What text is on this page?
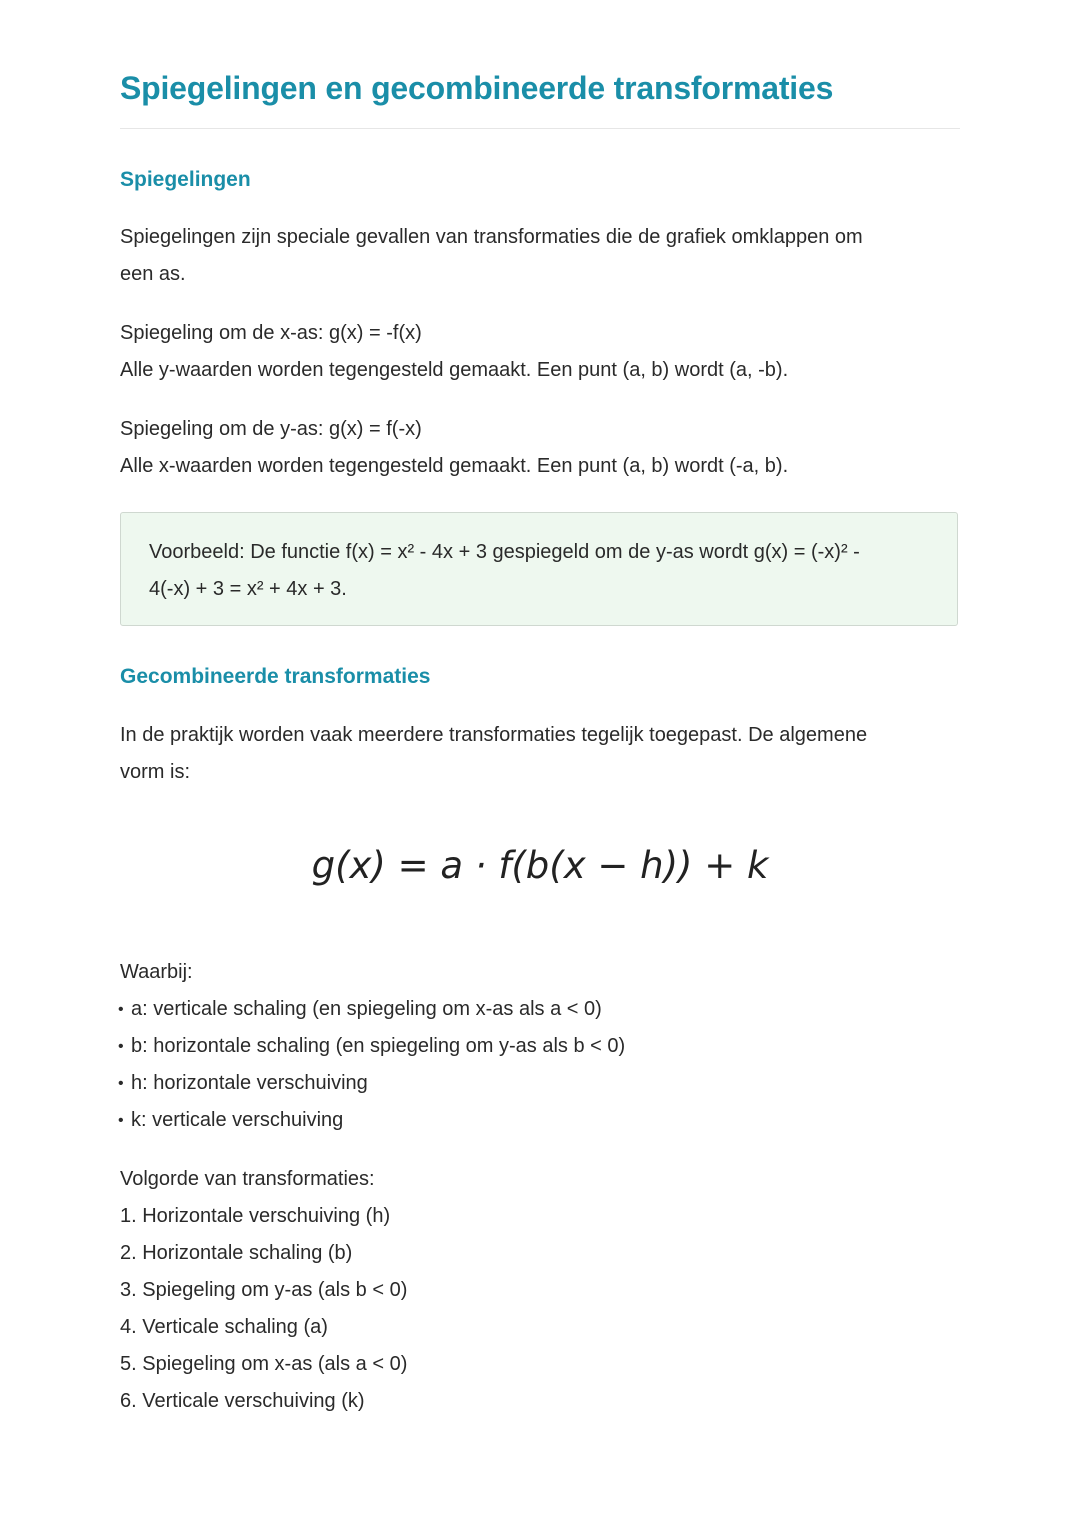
Spiegelingen en gecombineerde transformaties
Spiegelingen

Spiegelingen zijn speciale gevallen van transformaties die de grafiek omklappen om
een as.

Spiegeling om de x-as: g(x) = -f(x)
Alle y-waarden worden tegengesteld gemaakt. Een punt (a, b) wordt (a, -b).

Spiegeling om de y-as: g(x) = f(-x)
Alle x-waarden worden tegengesteld gemaakt. Een punt (a, b) wordt (-a, b).

Voorbeeld: De functie f(x) = x² - 4x + 3 gespiegeld om de y-as wordt g(x) = (-x)² -
4(-x) + 3 = x² + 4x + 3.

Gecombineerde transformaties

In de praktijk worden vaak meerdere transformaties tegelijk toegepast. De algemene
vorm is:

g(x) = a · f(b(x − h)) + k
Waarbij:
• a: verticale schaling (en spiegeling om x-as als a < 0)
• b: horizontale schaling (en spiegeling om y-as als b < 0)
• h: horizontale verschuiving
• k: verticale verschuiving
Volgorde van transformaties:
1. Horizontale verschuiving (h)
2. Horizontale schaling (b)
3. Spiegeling om y-as (als b < 0)
4. Verticale schaling (a)
5. Spiegeling om x-as (als a < 0)
6. Verticale verschuiving (k)
